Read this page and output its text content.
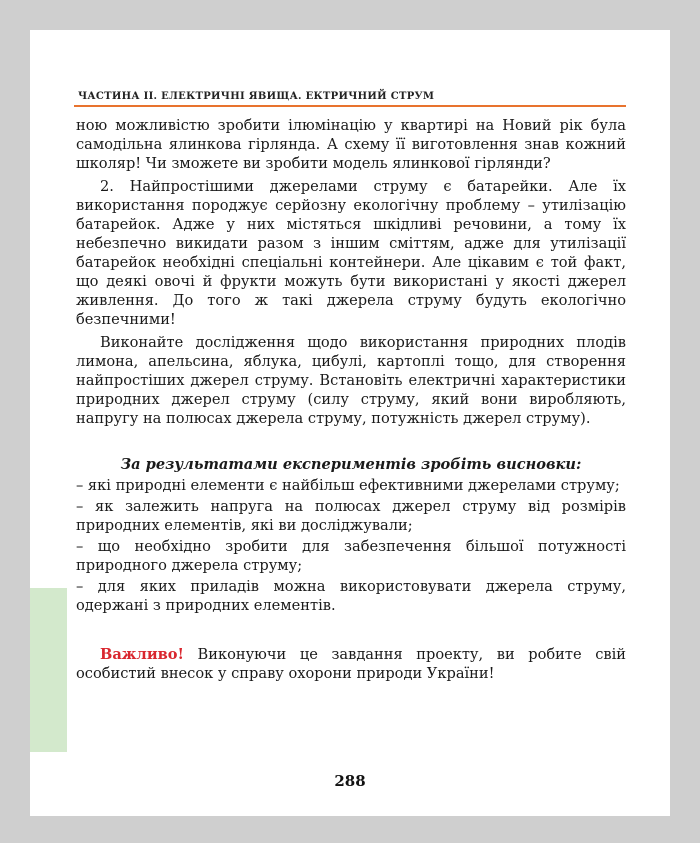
ЧАСТИНА II. ЕЛЕКТРИЧНІ ЯВИЩА. ЕКТРИЧНИЙ СТРУМ

ною можливістю зробити ілюмінацію у квартирі на Новий рік була самодільна ялинкова гірлянда. А схему її виготовлення знав кожний школяр! Чи зможете ви зробити модель ялинкової гірлянди?

2. Найпростішими джерелами струму є батарейки. Але їх використання породжує серйозну екологічну проблему – утилізацію батарейок. Адже у них містяться шкідливі речовини, а тому їх небезпечно викидати разом з іншим сміттям, адже для утилізації батарейок необхідні спеціальні контейнери. Але цікавим є той факт, що деякі овочі й фрукти можуть бути використані у якості джерел живлення. До того ж такі джерела струму будуть екологічно безпечними!

Виконайте дослідження щодо використання природних плодів лимона, апельсина, яблука, цибулі, картоплі тощо, для створення найпростіших джерел струму. Встановіть електричні характеристики природних джерел струму (силу струму, який вони виробляють, напругу на полюсах джерела струму, потужність джерел струму).

За результатами експериментів зробіть висновки:

– які природні елементи є найбільш ефективними джерелами струму;

– як залежить напруга на полюсах джерел струму від розмірів природних елементів, які ви досліджували;

– що необхідно зробити для забезпечення більшої потужності природного джерела струму;

– для яких приладів можна використовувати джерела струму, одержані з природних елементів.

Важливо! Виконуючи це завдання проекту, ви робите свій особистий внесок у справу охорони природи України!

288
